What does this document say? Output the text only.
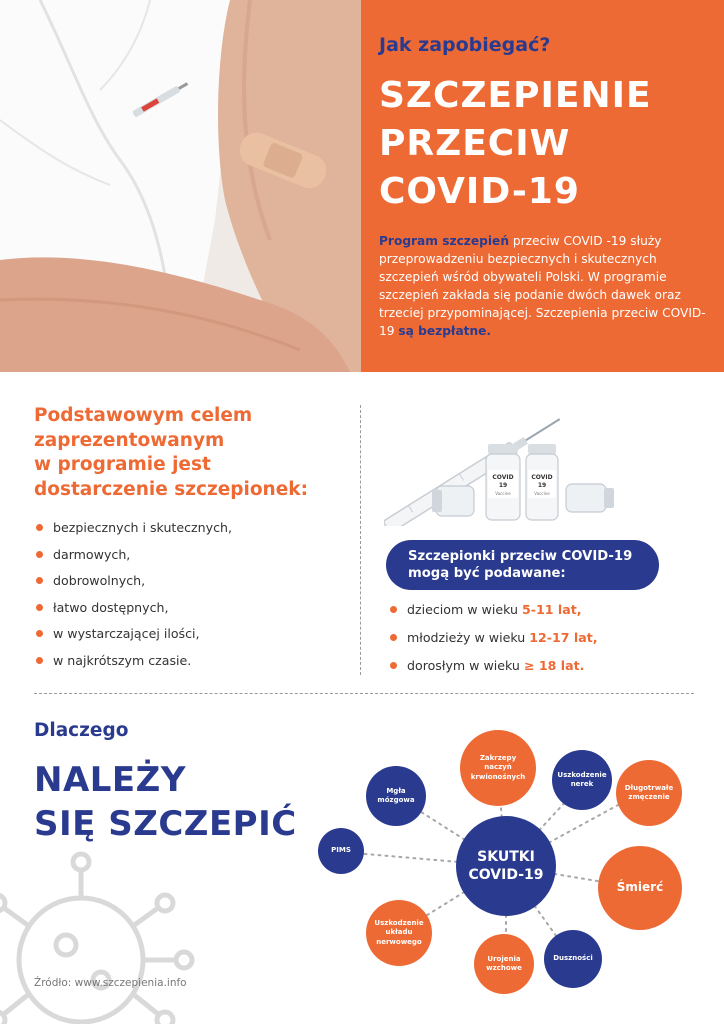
Jak zapobiegać?
SZCZEPIENIE
PRZECIW
COVID-19

Program szczepień przeciw COVID -19 służy przeprowadzeniu bezpiecznych i skutecznych szczepień wśród obywateli Polski. W programie szczepień zakłada się podanie dwóch dawek oraz trzeciej przypominającej. Szczepienia przeciw COVID-19 są bezpłatne.

Podstawowym celem
zaprezentowanym
w programie jest
dostarczenie szczepionek:
bezpiecznych i skutecznych,
darmowych,
dobrowolnych,
łatwo dostępnych,
w wystarczającej ilości,
w najkrótszym czasie.
COVID
19
Vaccine
COVID
19
Vaccine
Szczepionki przeciw COVID-19
mogą być podawane:
dzieciom w wieku 5-11 lat,
młodzieży w wieku 12-17 lat,
dorosłym w wieku ≥ 18 lat.
Dlaczego
NALEŻY
SIĘ SZCZEPIĆ
Źródło: www.szczepienia.info
SKUTKI
COVID-19
Mgła
mózgowa
Zakrzepy
naczyń
krwionośnych	Uszkodzenie
nerek	Długotrwałe
zmęczenie
PIMS
Śmierć
Uszkodzenie
układu
nerwowego
Urojenia
wzchowe
Duszności
